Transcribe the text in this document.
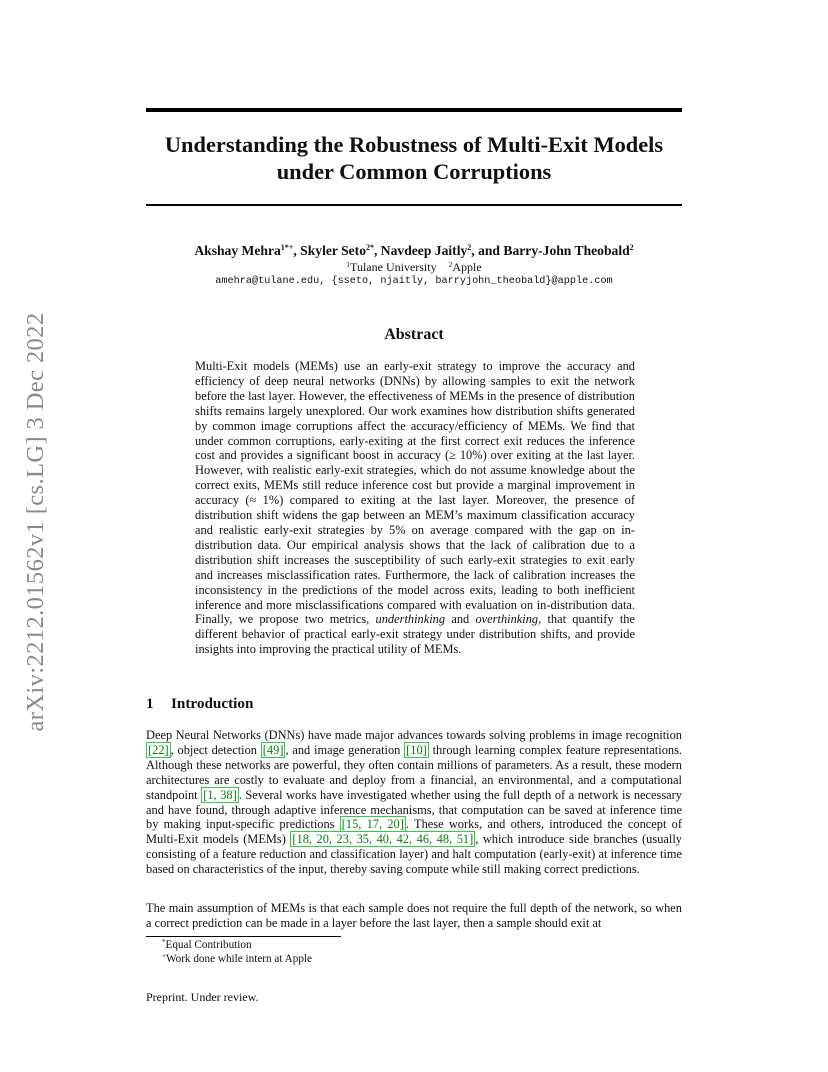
arXiv:2212.01562v1 [cs.LG] 3 Dec 2022
Understanding the Robustness of Multi-Exit Models
under Common Corruptions
Akshay Mehra$^{1*+}$, Skyler Seto$^{2*}$, Navdeep Jaitly$^2$, and Barry-John Theobald$^2$
$^1$Tulane University $^2$Apple
amehra@tulane.edu, {sseto, njaitly, barryjohn_theobald}@apple.com
Abstract
Multi-Exit models (MEMs) use an early-exit strategy to improve the accuracy and efficiency of deep neural networks (DNNs) by allowing samples to exit the network before the last layer. However, the effectiveness of MEMs in the presence of distribution shifts remains largely unexplored. Our work examines how distribution shifts generated by common image corruptions affect the accuracy/efficiency of MEMs. We find that under common corruptions, early-exiting at the first correct exit reduces the inference cost and provides a significant boost in accuracy (≥ 10%) over exiting at the last layer. However, with realistic early-exit strategies, which do not assume knowledge about the correct exits, MEMs still reduce inference cost but provide a marginal improvement in accuracy (≈ 1%) compared to exiting at the last layer. Moreover, the presence of distribution shift widens the gap between an MEM’s maximum classification accuracy and realistic early-exit strategies by 5% on average compared with the gap on in-distribution data. Our empirical analysis shows that the lack of calibration due to a distribution shift increases the susceptibility of such early-exit strategies to exit early and increases misclassification rates. Furthermore, the lack of calibration increases the inconsistency in the predictions of the model across exits, leading to both inefficient inference and more misclassifications compared with evaluation on in-distribution data. Finally, we propose two metrics, underthinking and overthinking, that quantify the different behavior of practical early-exit strategy under distribution shifts, and provide insights into improving the practical utility of MEMs.
1 Introduction
Deep Neural Networks (DNNs) have made major advances towards solving problems in image recognition [22] , object detection [49] , and image generation [10] through learning complex feature representations. Although these networks are powerful, they often contain millions of parameters. As a result, these modern architectures are costly to evaluate and deploy from a financial, an environmental, and a computational standpoint [1, 38] . Several works have investigated whether using the full depth of a network is necessary and have found, through adaptive inference mechanisms, that computation can be saved at inference time by making input-specific predictions [15, 17, 20] . These works, and others, introduced the concept of Multi-Exit models (MEMs) [18, 20, 23, 35, 40, 42, 46, 48, 51] , which introduce side branches (usually consisting of a feature reduction and classification layer) and halt computation (early-exit) at inference time based on characteristics of the input, thereby saving compute while still making correct predictions.
The main assumption of MEMs is that each sample does not require the full depth of the network, so when a correct prediction can be made in a layer before the last layer, then a sample should exit at
*Equal Contribution
+Work done while intern at Apple
Preprint. Under review.
